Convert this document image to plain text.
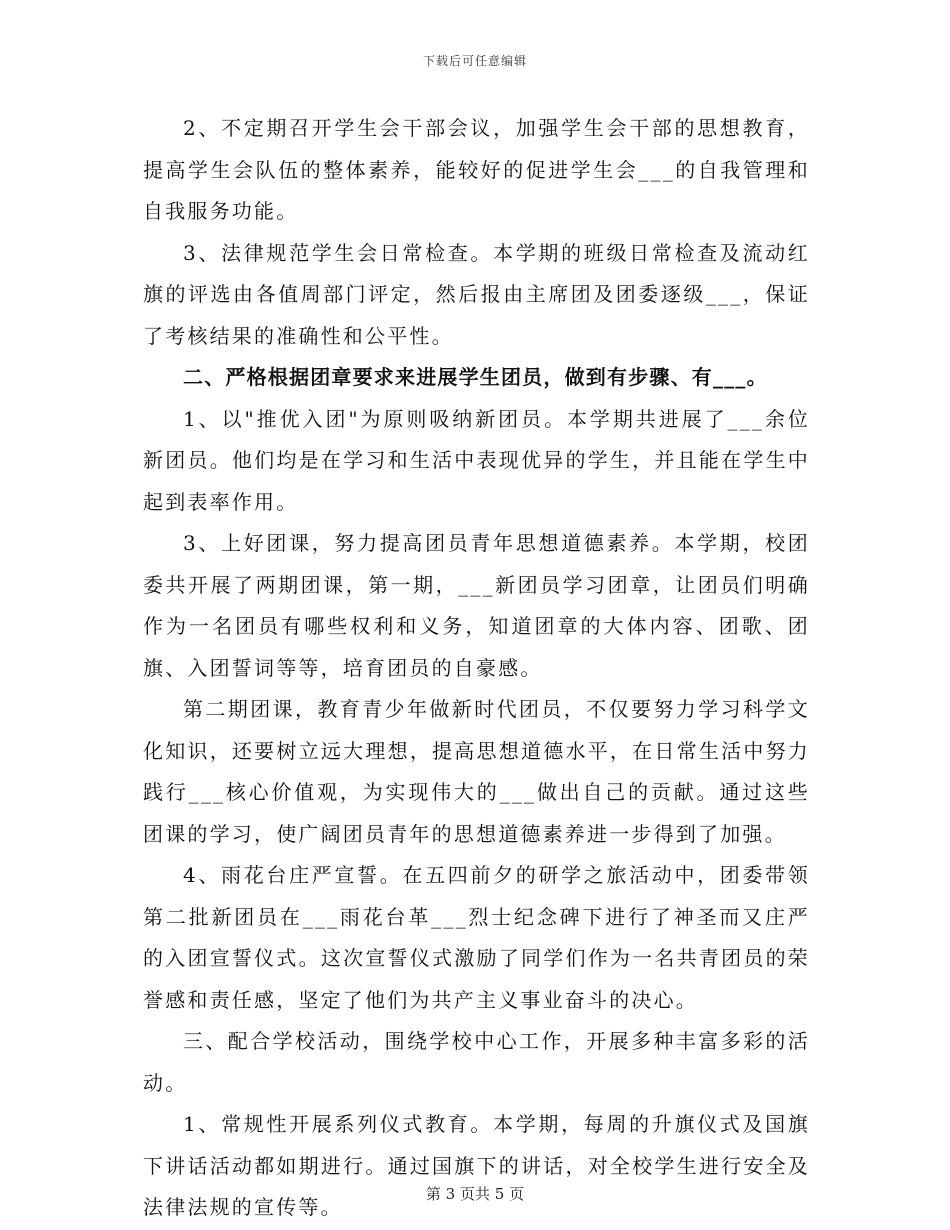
下载后可任意编辑

2、不定期召开学生会干部会议，加强学生会干部的思想教育，提高学生会队伍的整体素养，能较好的促进学生会___的自我管理和自我服务功能。

3、法律规范学生会日常检查。本学期的班级日常检查及流动红旗的评选由各值周部门评定，然后报由主席团及团委逐级___，保证了考核结果的准确性和公平性。

二、严格根据团章要求来进展学生团员，做到有步骤、有___。

1、以"推优入团"为原则吸纳新团员。本学期共进展了___余位新团员。他们均是在学习和生活中表现优异的学生，并且能在学生中起到表率作用。

3、上好团课，努力提高团员青年思想道德素养。本学期，校团委共开展了两期团课，第一期，___新团员学习团章，让团员们明确作为一名团员有哪些权利和义务，知道团章的大体内容、团歌、团旗、入团誓词等等，培育团员的自豪感。

第二期团课，教育青少年做新时代团员，不仅要努力学习科学文化知识，还要树立远大理想，提高思想道德水平，在日常生活中努力践行___核心价值观，为实现伟大的___做出自己的贡献。通过这些团课的学习，使广阔团员青年的思想道德素养进一步得到了加强。

4、雨花台庄严宣誓。在五四前夕的研学之旅活动中，团委带领第二批新团员在___雨花台革___烈士纪念碑下进行了神圣而又庄严的入团宣誓仪式。这次宣誓仪式激励了同学们作为一名共青团员的荣誉感和责任感，坚定了他们为共产主义事业奋斗的决心。

三、配合学校活动，围绕学校中心工作，开展多种丰富多彩的活动。

1、常规性开展系列仪式教育。本学期，每周的升旗仪式及国旗下讲话活动都如期进行。通过国旗下的讲话，对全校学生进行安全及法律法规的宣传等。

第 3 页共 5 页
